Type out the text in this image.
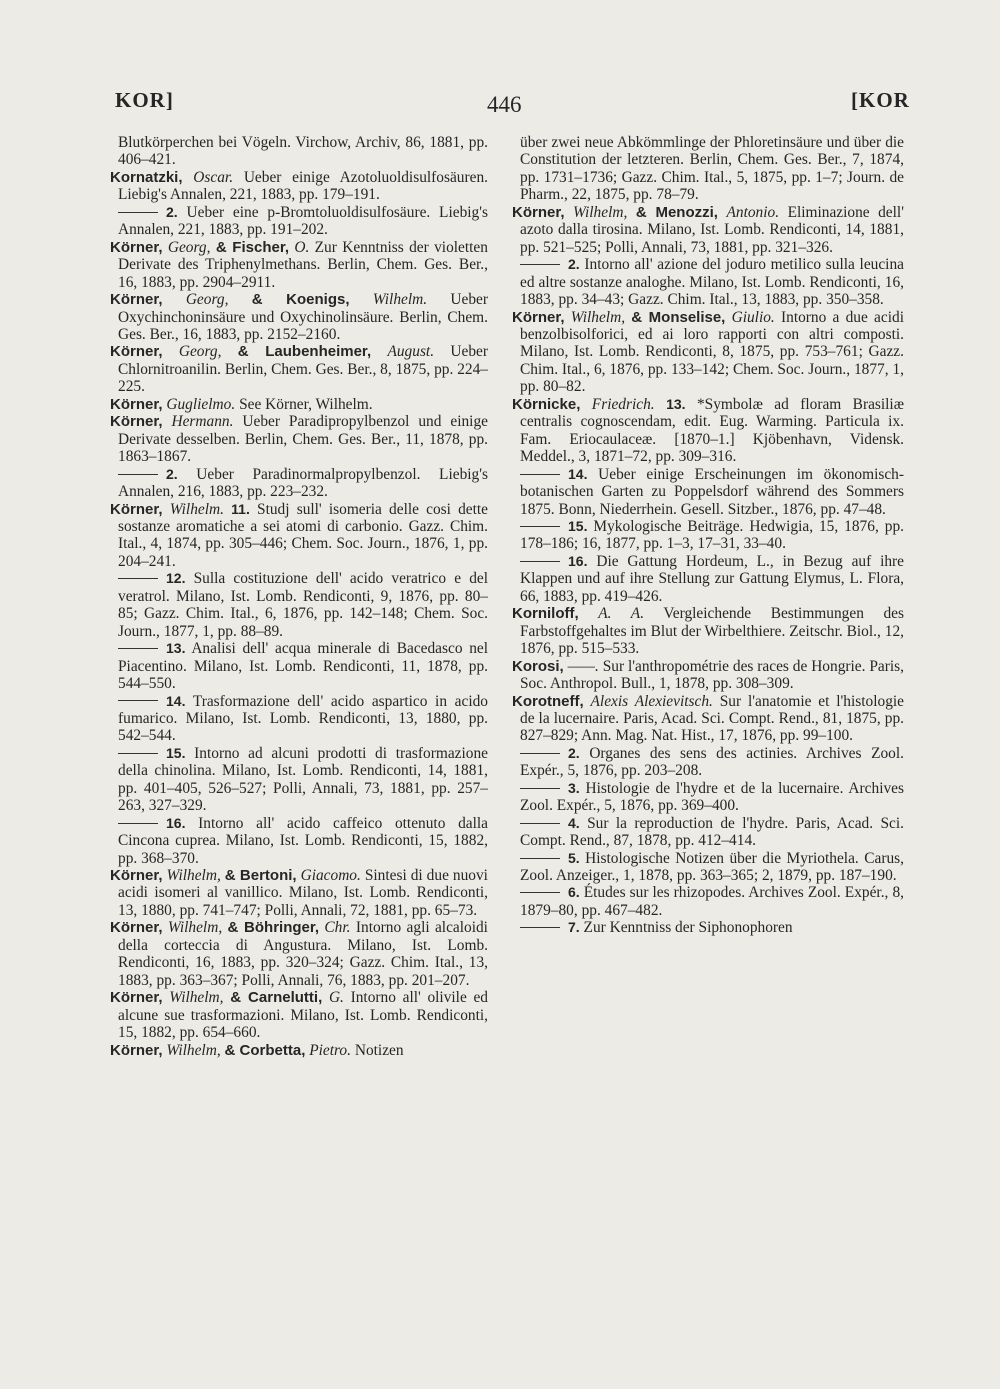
KOR]	446	[KOR

Blutkörperchen bei Vögeln. Virchow, Archiv, 86, 1881, pp. 406–421.

Kornatzki, Oscar. Ueber einige Azotoluoldisulfosäuren. Liebig's Annalen, 221, 1883, pp. 179–191.

2. Ueber eine p-Bromtoluoldisulfosäure. Liebig's Annalen, 221, 1883, pp. 191–202.

Körner, Georg, & Fischer, O. Zur Kenntniss der violetten Derivate des Triphenylmethans. Berlin, Chem. Ges. Ber., 16, 1883, pp. 2904–2911.

Körner, Georg, & Koenigs, Wilhelm. Ueber Oxychinchoninsäure und Oxychinolinsäure. Berlin, Chem. Ges. Ber., 16, 1883, pp. 2152–2160.

Körner, Georg, & Laubenheimer, August. Ueber Chlornitroanilin. Berlin, Chem. Ges. Ber., 8, 1875, pp. 224–225.

Körner, Guglielmo. See Körner, Wilhelm.

Körner, Hermann. Ueber Paradipropylbenzol und einige Derivate desselben. Berlin, Chem. Ges. Ber., 11, 1878, pp. 1863–1867.

2. Ueber Paradinormalpropylbenzol. Liebig's Annalen, 216, 1883, pp. 223–232.

Körner, Wilhelm. 11. Studj sull' isomeria delle cosi dette sostanze aromatiche a sei atomi di carbonio. Gazz. Chim. Ital., 4, 1874, pp. 305–446; Chem. Soc. Journ., 1876, 1, pp. 204–241.

12. Sulla costituzione dell' acido veratrico e del veratrol. Milano, Ist. Lomb. Rendiconti, 9, 1876, pp. 80–85; Gazz. Chim. Ital., 6, 1876, pp. 142–148; Chem. Soc. Journ., 1877, 1, pp. 88–89.

13. Analisi dell' acqua minerale di Bacedasco nel Piacentino. Milano, Ist. Lomb. Rendiconti, 11, 1878, pp. 544–550.

14. Trasformazione dell' acido aspartico in acido fumarico. Milano, Ist. Lomb. Rendiconti, 13, 1880, pp. 542–544.

15. Intorno ad alcuni prodotti di trasformazione della chinolina. Milano, Ist. Lomb. Rendiconti, 14, 1881, pp. 401–405, 526–527; Polli, Annali, 73, 1881, pp. 257–263, 327–329.

16. Intorno all' acido caffeico ottenuto dalla Cincona cuprea. Milano, Ist. Lomb. Rendiconti, 15, 1882, pp. 368–370.

Körner, Wilhelm, & Bertoni, Giacomo. Sintesi di due nuovi acidi isomeri al vanillico. Milano, Ist. Lomb. Rendiconti, 13, 1880, pp. 741–747; Polli, Annali, 72, 1881, pp. 65–73.

Körner, Wilhelm, & Böhringer, Chr. Intorno agli alcaloidi della corteccia di Angustura. Milano, Ist. Lomb. Rendiconti, 16, 1883, pp. 320–324; Gazz. Chim. Ital., 13, 1883, pp. 363–367; Polli, Annali, 76, 1883, pp. 201–207.

Körner, Wilhelm, & Carnelutti, G. Intorno all' olivile ed alcune sue trasformazioni. Milano, Ist. Lomb. Rendiconti, 15, 1882, pp. 654–660.

Körner, Wilhelm, & Corbetta, Pietro. Notizen

über zwei neue Abkömmlinge der Phloretinsäure und über die Constitution der letzteren. Berlin, Chem. Ges. Ber., 7, 1874, pp. 1731–1736; Gazz. Chim. Ital., 5, 1875, pp. 1–7; Journ. de Pharm., 22, 1875, pp. 78–79.

Körner, Wilhelm, & Menozzi, Antonio. Eliminazione dell' azoto dalla tirosina. Milano, Ist. Lomb. Rendiconti, 14, 1881, pp. 521–525; Polli, Annali, 73, 1881, pp. 321–326.

2. Intorno all' azione del joduro metilico sulla leucina ed altre sostanze analoghe. Milano, Ist. Lomb. Rendiconti, 16, 1883, pp. 34–43; Gazz. Chim. Ital., 13, 1883, pp. 350–358.

Körner, Wilhelm, & Monselise, Giulio. Intorno a due acidi benzolbisolforici, ed ai loro rapporti con altri composti. Milano, Ist. Lomb. Rendiconti, 8, 1875, pp. 753–761; Gazz. Chim. Ital., 6, 1876, pp. 133–142; Chem. Soc. Journ., 1877, 1, pp. 80–82.

Körnicke, Friedrich. 13. *Symbolæ ad floram Brasiliæ centralis cognoscendam, edit. Eug. Warming. Particula ix. Fam. Eriocaulaceæ. [1870–1.] Kjöbenhavn, Vidensk. Meddel., 3, 1871–72, pp. 309–316.

14. Ueber einige Erscheinungen im ökonomisch-botanischen Garten zu Poppelsdorf während des Sommers 1875. Bonn, Niederrhein. Gesell. Sitzber., 1876, pp. 47–48.

15. Mykologische Beiträge. Hedwigia, 15, 1876, pp. 178–186; 16, 1877, pp. 1–3, 17–31, 33–40.

16. Die Gattung Hordeum, L., in Bezug auf ihre Klappen und auf ihre Stellung zur Gattung Elymus, L. Flora, 66, 1883, pp. 419–426.

Korniloff, A. A. Vergleichende Bestimmungen des Farbstoffgehaltes im Blut der Wirbelthiere. Zeitschr. Biol., 12, 1876, pp. 515–533.

Korosi, ——. Sur l'anthropométrie des races de Hongrie. Paris, Soc. Anthropol. Bull., 1, 1878, pp. 308–309.

Korotneff, Alexis Alexievitsch. Sur l'anatomie et l'histologie de la lucernaire. Paris, Acad. Sci. Compt. Rend., 81, 1875, pp. 827–829; Ann. Mag. Nat. Hist., 17, 1876, pp. 99–100.

2. Organes des sens des actinies. Archives Zool. Expér., 5, 1876, pp. 203–208.

3. Histologie de l'hydre et de la lucernaire. Archives Zool. Expér., 5, 1876, pp. 369–400.

4. Sur la reproduction de l'hydre. Paris, Acad. Sci. Compt. Rend., 87, 1878, pp. 412–414.

5. Histologische Notizen über die Myriothela. Carus, Zool. Anzeiger., 1, 1878, pp. 363–365; 2, 1879, pp. 187–190.

6. Études sur les rhizopodes. Archives Zool. Expér., 8, 1879–80, pp. 467–482.

7. Zur Kenntniss der Siphonophoren
